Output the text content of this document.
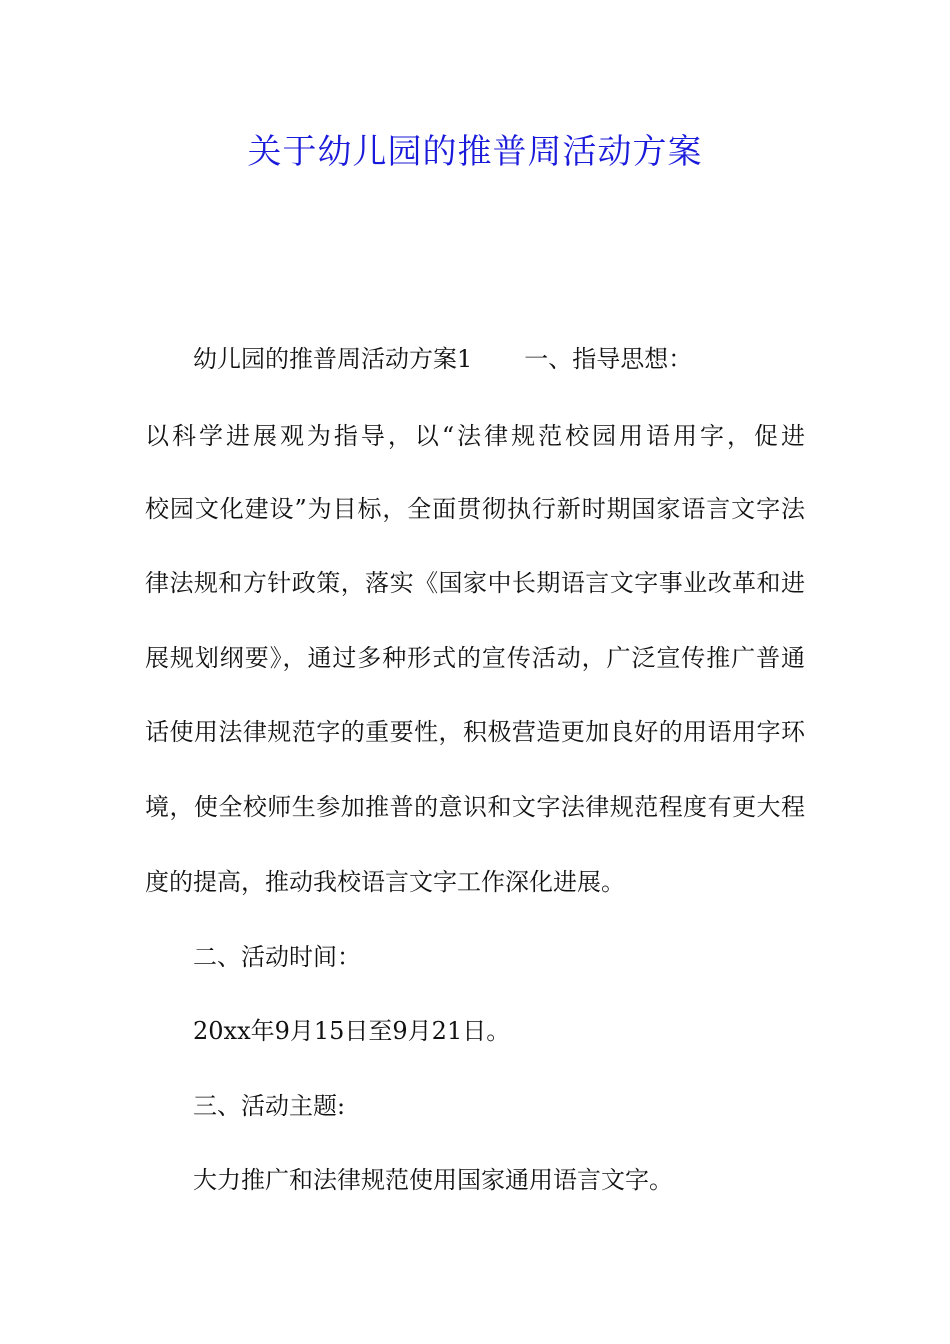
关于幼儿园的推普周活动方案

幼儿园的推普周活动方案1 一、指导思想：

以科学进展观为指导，以“法律规范校园用语用字，促进

校园文化建设”为目标，全面贯彻执行新时期国家语言文字法

律法规和方针政策，落实《国家中长期语言文字事业改革和进

展规划纲要》，通过多种形式的宣传活动，广泛宣传推广普通

话使用法律规范字的重要性，积极营造更加良好的用语用字环

境，使全校师生参加推普的意识和文字法律规范程度有更大程

度的提高，推动我校语言文字工作深化进展。

二、活动时间：

20xx年9月15日至9月21日。

三、活动主题:

大力推广和法律规范使用国家通用语言文字。
